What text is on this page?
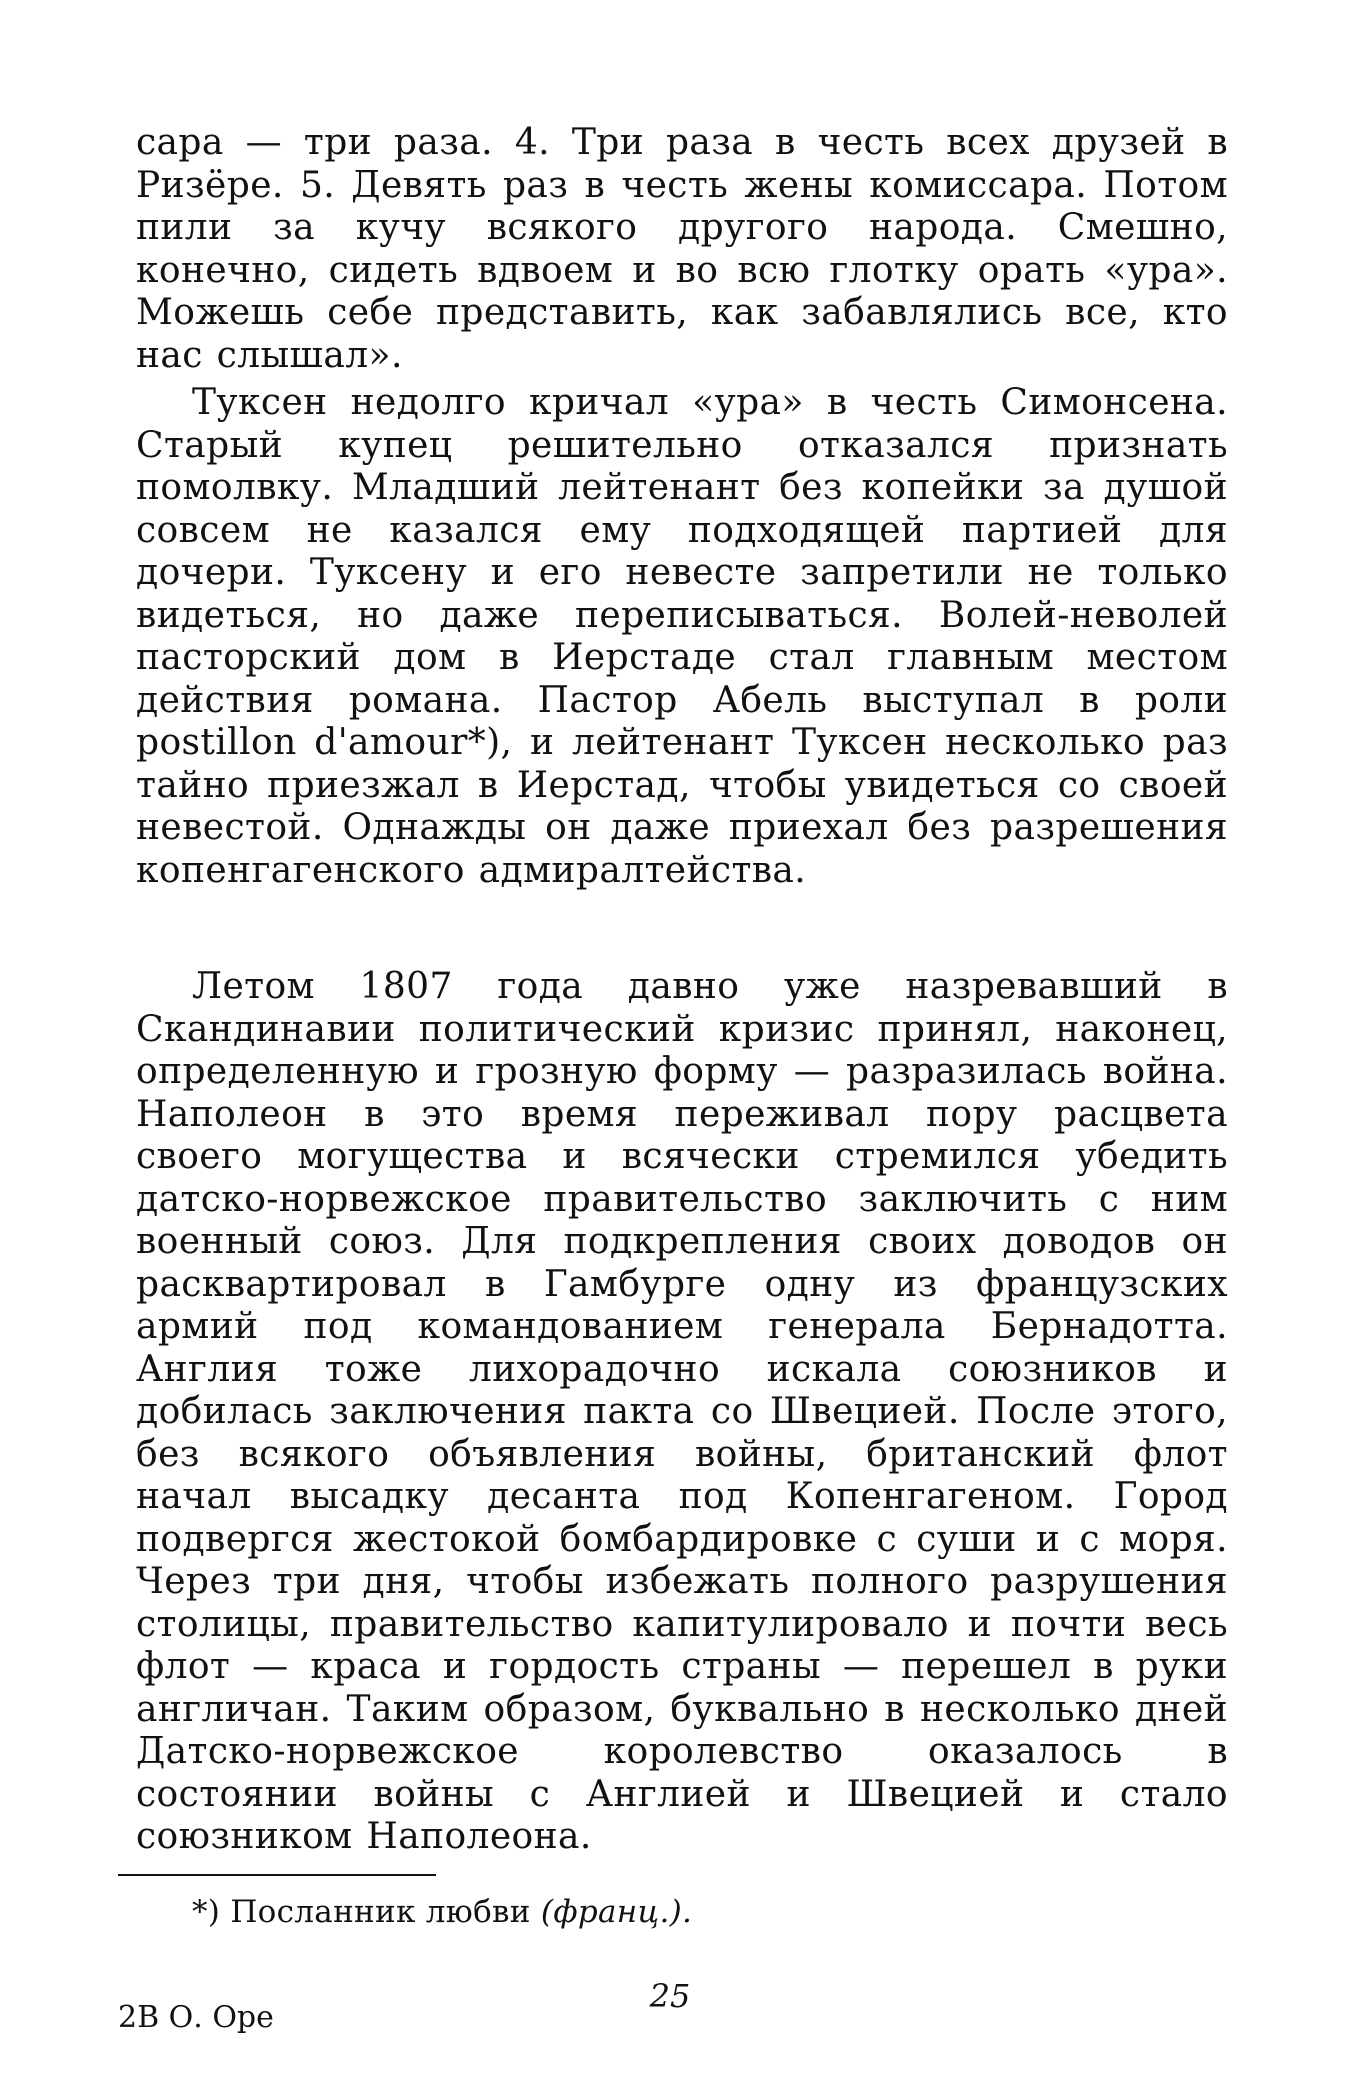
сара — три раза. 4. Три раза в честь всех друзей в Ризёре. 5. Девять раз в честь жены комиссара. Потом пили за кучу всякого другого народа. Смешно, конечно, сидеть вдвоем и во всю глотку орать «ура». Можешь себе представить, как забавлялись все, кто нас слышал».

Туксен недолго кричал «ура» в честь Симонсена. Старый купец решительно отказался признать помолвку. Младший лейтенант без копейки за душой совсем не казался ему подходящей партией для дочери. Туксену и его невесте запретили не только видеться, но даже переписываться. Волей-неволей пасторский дом в Иерстаде стал главным местом действия романа. Пастор Абель выступал в роли postillon d'amour*), и лейтенант Туксен несколько раз тайно приезжал в Иерстад, чтобы увидеться со своей невестой. Однажды он даже приехал без разрешения копенгагенского адмиралтейства.

Летом 1807 года давно уже назревавший в Скандинавии политический кризис принял, наконец, определенную и грозную форму — разразилась война. Наполеон в это время переживал пору расцвета своего могущества и всячески стремился убедить датско-норвежское правительство заключить с ним военный союз. Для подкрепления своих доводов он расквартировал в Гамбурге одну из французских армий под командованием генерала Бернадотта. Англия тоже лихорадочно искала союзников и добилась заключения пакта со Швецией. После этого, без всякого объявления войны, британский флот начал высадку десанта под Копенгагеном. Город подвергся жестокой бомбардировке с суши и с моря. Через три дня, чтобы избежать полного разрушения столицы, правительство капитулировало и почти весь флот — краса и гордость страны — перешел в руки англичан. Таким образом, буквально в несколько дней Датско-норвежское королевство оказалось в состоянии войны с Англией и Швецией и стало союзником Наполеона.

*) Посланник любви (франц.).
2В О. Оре
25
